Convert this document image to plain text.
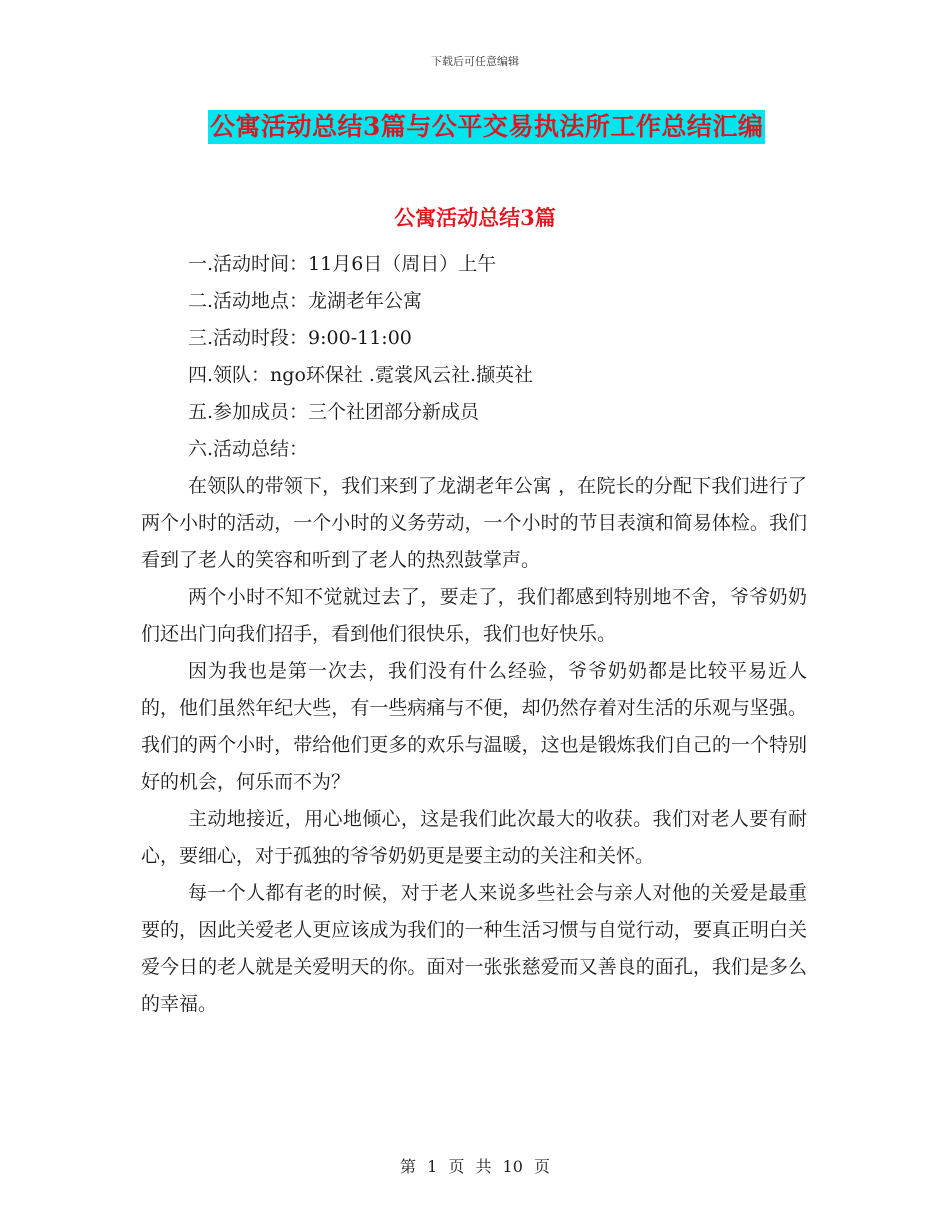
下载后可任意编辑
公寓活动总结3篇与公平交易执法所工作总结汇编
公寓活动总结3篇
一.活动时间：11月6日（周日）上午
二.活动地点：龙湖老年公寓
三.活动时段：9:00-11:00
四.领队：ngo环保社 .霓裳风云社.撷英社
五.参加成员：三个社团部分新成员
六.活动总结：

在领队的带领下，我们来到了龙湖老年公寓 ，在院长的分配下我们进行了两个小时的活动，一个小时的义务劳动，一个小时的节目表演和简易体检。我们看到了老人的笑容和听到了老人的热烈鼓掌声。

两个小时不知不觉就过去了，要走了，我们都感到特别地不舍，爷爷奶奶们还出门向我们招手，看到他们很快乐，我们也好快乐。

因为我也是第一次去，我们没有什么经验，爷爷奶奶都是比较平易近人的，他们虽然年纪大些，有一些病痛与不便，却仍然存着对生活的乐观与坚强。我们的两个小时，带给他们更多的欢乐与温暖，这也是锻炼我们自己的一个特别好的机会，何乐而不为？

主动地接近，用心地倾心，这是我们此次最大的收获。我们对老人要有耐心，要细心，对于孤独的爷爷奶奶更是要主动的关注和关怀。

每一个人都有老的时候，对于老人来说多些社会与亲人对他的关爱是最重要的，因此关爱老人更应该成为我们的一种生活习惯与自觉行动，要真正明白关爱今日的老人就是关爱明天的你。面对一张张慈爱而又善良的面孔，我们是多么的幸福。

第 1 页 共 10 页
